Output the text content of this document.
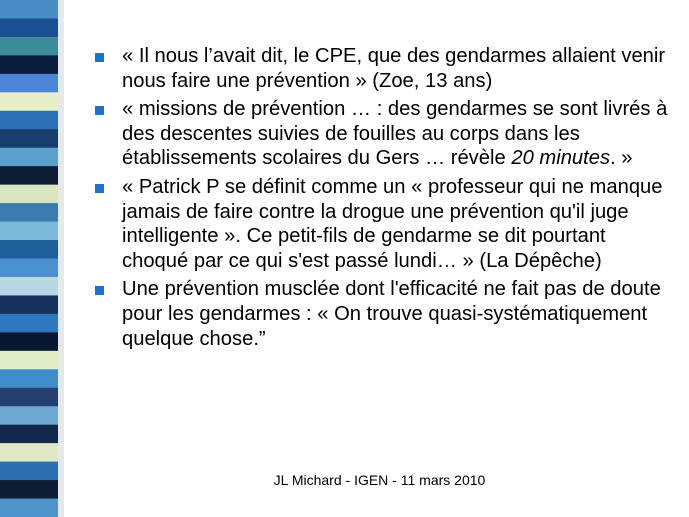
« Il nous l’avait dit, le CPE, que des gendarmes allaient venir nous faire une prévention » (Zoe, 13 ans)
« missions de prévention … : des gendarmes se sont livrés à des descentes suivies de fouilles au corps dans les établissements scolaires du Gers … révèle 20 minutes. »
« Patrick P se définit comme un « professeur qui ne manque jamais de faire contre la drogue une prévention qu'il juge intelligente ». Ce petit-fils de gendarme se dit pourtant choqué par ce qui s'est passé lundi… » (La Dépêche)
Une prévention musclée dont l'efficacité ne fait pas de doute pour les gendarmes : « On trouve quasi-systématiquement quelque chose.”
JL Michard - IGEN - 11 mars 2010
